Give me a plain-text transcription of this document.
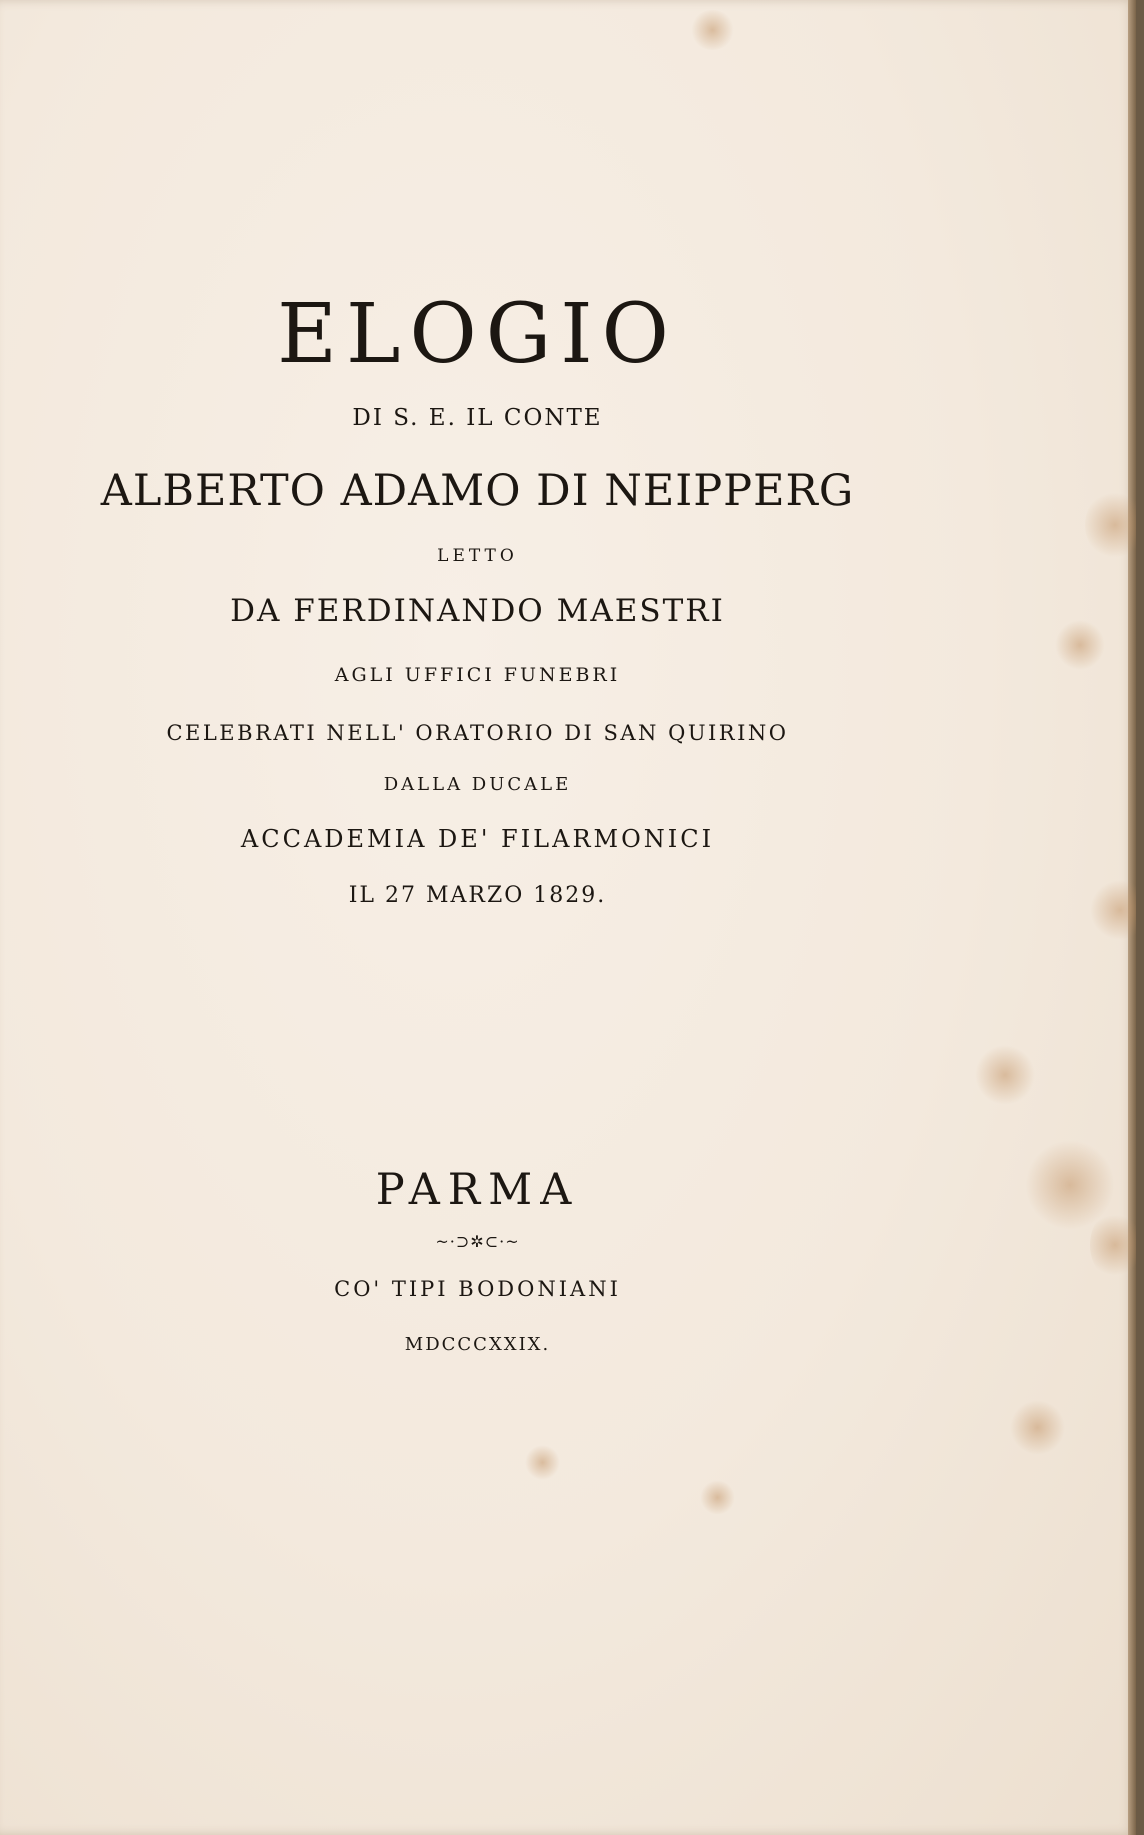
ELOGIO
DI S. E. IL CONTE
ALBERTO ADAMO DI NEIPPERG
LETTO
DA FERDINANDO MAESTRI
AGLI UFFICI FUNEBRI
CELEBRATI NELL' ORATORIO DI SAN QUIRINO
DALLA DUCALE
ACCADEMIA DE' FILARMONICI
IL 27 MARZO 1829.
PARMA
~·⊃✲⊂·~
CO' TIPI BODONIANI
MDCCCXXIX.
